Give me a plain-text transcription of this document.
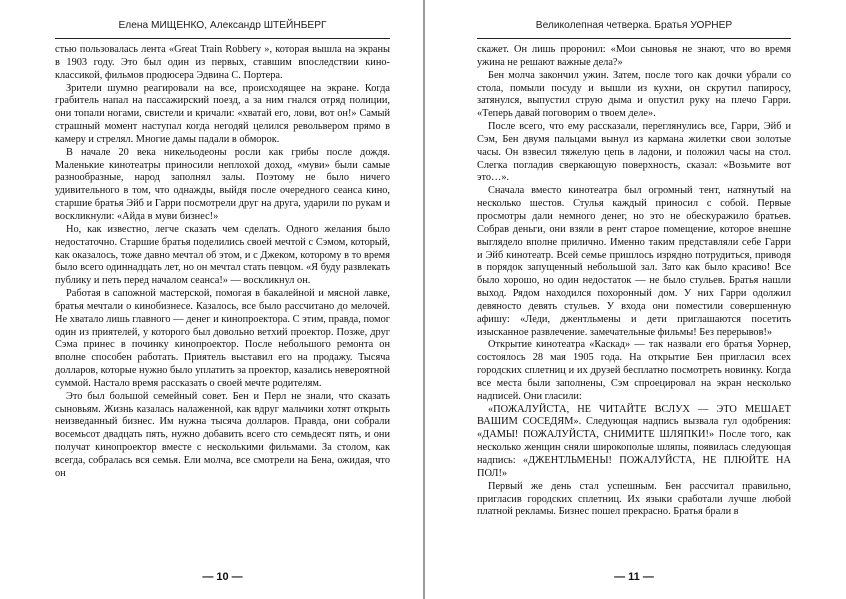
Елена МИЩЕНКО, Александр ШТЕЙНБЕРГ

стью пользовалась лента «Great Train Robbery », которая вышла на экраны в 1903 году. Это был один из первых, ставшим впоследствии кино-классикой, фильмов продюсера Эдвина С. Портера.

Зрители шумно реагировали на все, происходящее на экране. Когда грабитель напал на пассажирский поезд, а за ним гнался отряд полиции, они топали ногами, свистели и кричали: «хватай его, лови, вот он!» Самый страшный момент наступал когда негодяй целился револьвером прямо в камеру и стрелял. Многие дамы падали в обморок.

В начале 20 века никельодеоны росли как грибы после дождя. Маленькие кинотеатры приносили неплохой доход, «муви» были самые разнообразные, народ заполнял залы. Поэтому не было ничего удивительного в том, что однажды, выйдя после очередного сеанса кино, старшие братья Эйб и Гарри посмотрели друг на друга, ударили по рукам и воскликнули: «Айда в муви бизнес!»

Но, как известно, легче сказать чем сделать. Одного желания было недостаточно. Старшие братья поделились своей мечтой с Сэмом, который, как оказалось, тоже давно мечтал об этом, и с Джеком, которому в то время было всего одиннадцать лет, но он мечтал стать певцом. «Я буду развлекать публику и петь перед началом сеанса!» — воскликнул он.

Работая в сапожной мастерской, помогая в бакалейной и мясной лавке, братья мечтали о кинобизнесе. Казалось, все было рассчитано до мелочей. Не хватало лишь главного — денег и кинопроектора. С этим, правда, помог один из приятелей, у которого был довольно ветхий проектор. Позже, друг Сэма принес в починку кинопроектор. После небольшого ремонта он вполне способен работать. Приятель выставил его на продажу. Тысяча долларов, которые нужно было уплатить за проектор, казались невероятной суммой. Настало время рассказать о своей мечте родителям.

Это был большой семейный совет. Бен и Перл не знали, что сказать сыновьям. Жизнь казалась налаженной, как вдруг мальчики хотят открыть неизведанный бизнес. Им нужна тысяча долларов. Правда, они собрали восемьсот двадцать пять, нужно добавить всего сто семьдесят пять, и они получат кинопроектор вместе с несколькими фильмами. За столом, как всегда, собралась вся семья. Ели молча, все смотрели на Бена, ожидая, что он

— 10 —
Великолепная четверка. Братья УОРНЕР

скажет. Он лишь проронил: «Мои сыновья не знают, что во время ужина не решают важные дела?»

Бен молча закончил ужин. Затем, после того как дочки убрали со стола, помыли посуду и вышли из кухни, он скрутил папиросу, затянулся, выпустил струю дыма и опустил руку на плечо Гарри. «Теперь давай поговорим о твоем деле».

После всего, что ему рассказали, переглянулись все, Гарри, Эйб и Сэм, Бен двумя пальцами вынул из кармана жилетки свои золотые часы. Он взвесил тяжелую цепь в ладони, и положил часы на стол. Слегка погладив сверкающую поверхность, сказал: «Возьмите вот это…».

Сначала вместо кинотеатра был огромный тент, натянутый на несколько шестов. Стулья каждый приносил с собой. Первые просмотры дали немного денег, но это не обескуражило братьев. Собрав деньги, они взяли в рент старое помещение, которое внешне выглядело вполне прилично. Именно таким представляли себе Гарри и Эйб кинотеатр. Всей семье пришлось изрядно потрудиться, приводя в порядок запущенный небольшой зал. Зато как было красиво! Все было хорошо, но один недостаток — не было стульев. Братья нашли выход. Рядом находился похоронный дом. У них Гарри одолжил девяносто девять стульев. У входа они поместили совершенную афишу: «Леди, джентльмены и дети приглашаются посетить изысканное развлечение. замечательные фильмы! Без перерывов!»

Открытие кинотеатра «Каскад» — так назвали его братья Уорнер, состоялось 28 мая 1905 года. На открытие Бен пригласил всех городских сплетниц и их друзей бесплатно посмотреть новинку. Когда все места были заполнены, Сэм спроецировал на экран несколько надписей. Они гласили:

«ПОЖАЛУЙСТА, НЕ ЧИТАЙТЕ ВСЛУХ — ЭТО МЕШАЕТ ВАШИМ СОСЕДЯМ». Следующая надпись вызвала гул одобрения: «ДАМЫ! ПОЖАЛУЙСТА, СНИМИТЕ ШЛЯПКИ!» После того, как несколько женщин сняли широкополые шляпы, появилась следующая надпись: «ДЖЕНТЛЬМЕНЫ! ПОЖАЛУЙСТА, НЕ ПЛЮЙТЕ НА ПОЛ!»

Первый же день стал успешным. Бен рассчитал правильно, пригласив городских сплетниц. Их языки сработали лучше любой платной рекламы. Бизнес пошел прекрасно. Братья брали в

— 11 —
